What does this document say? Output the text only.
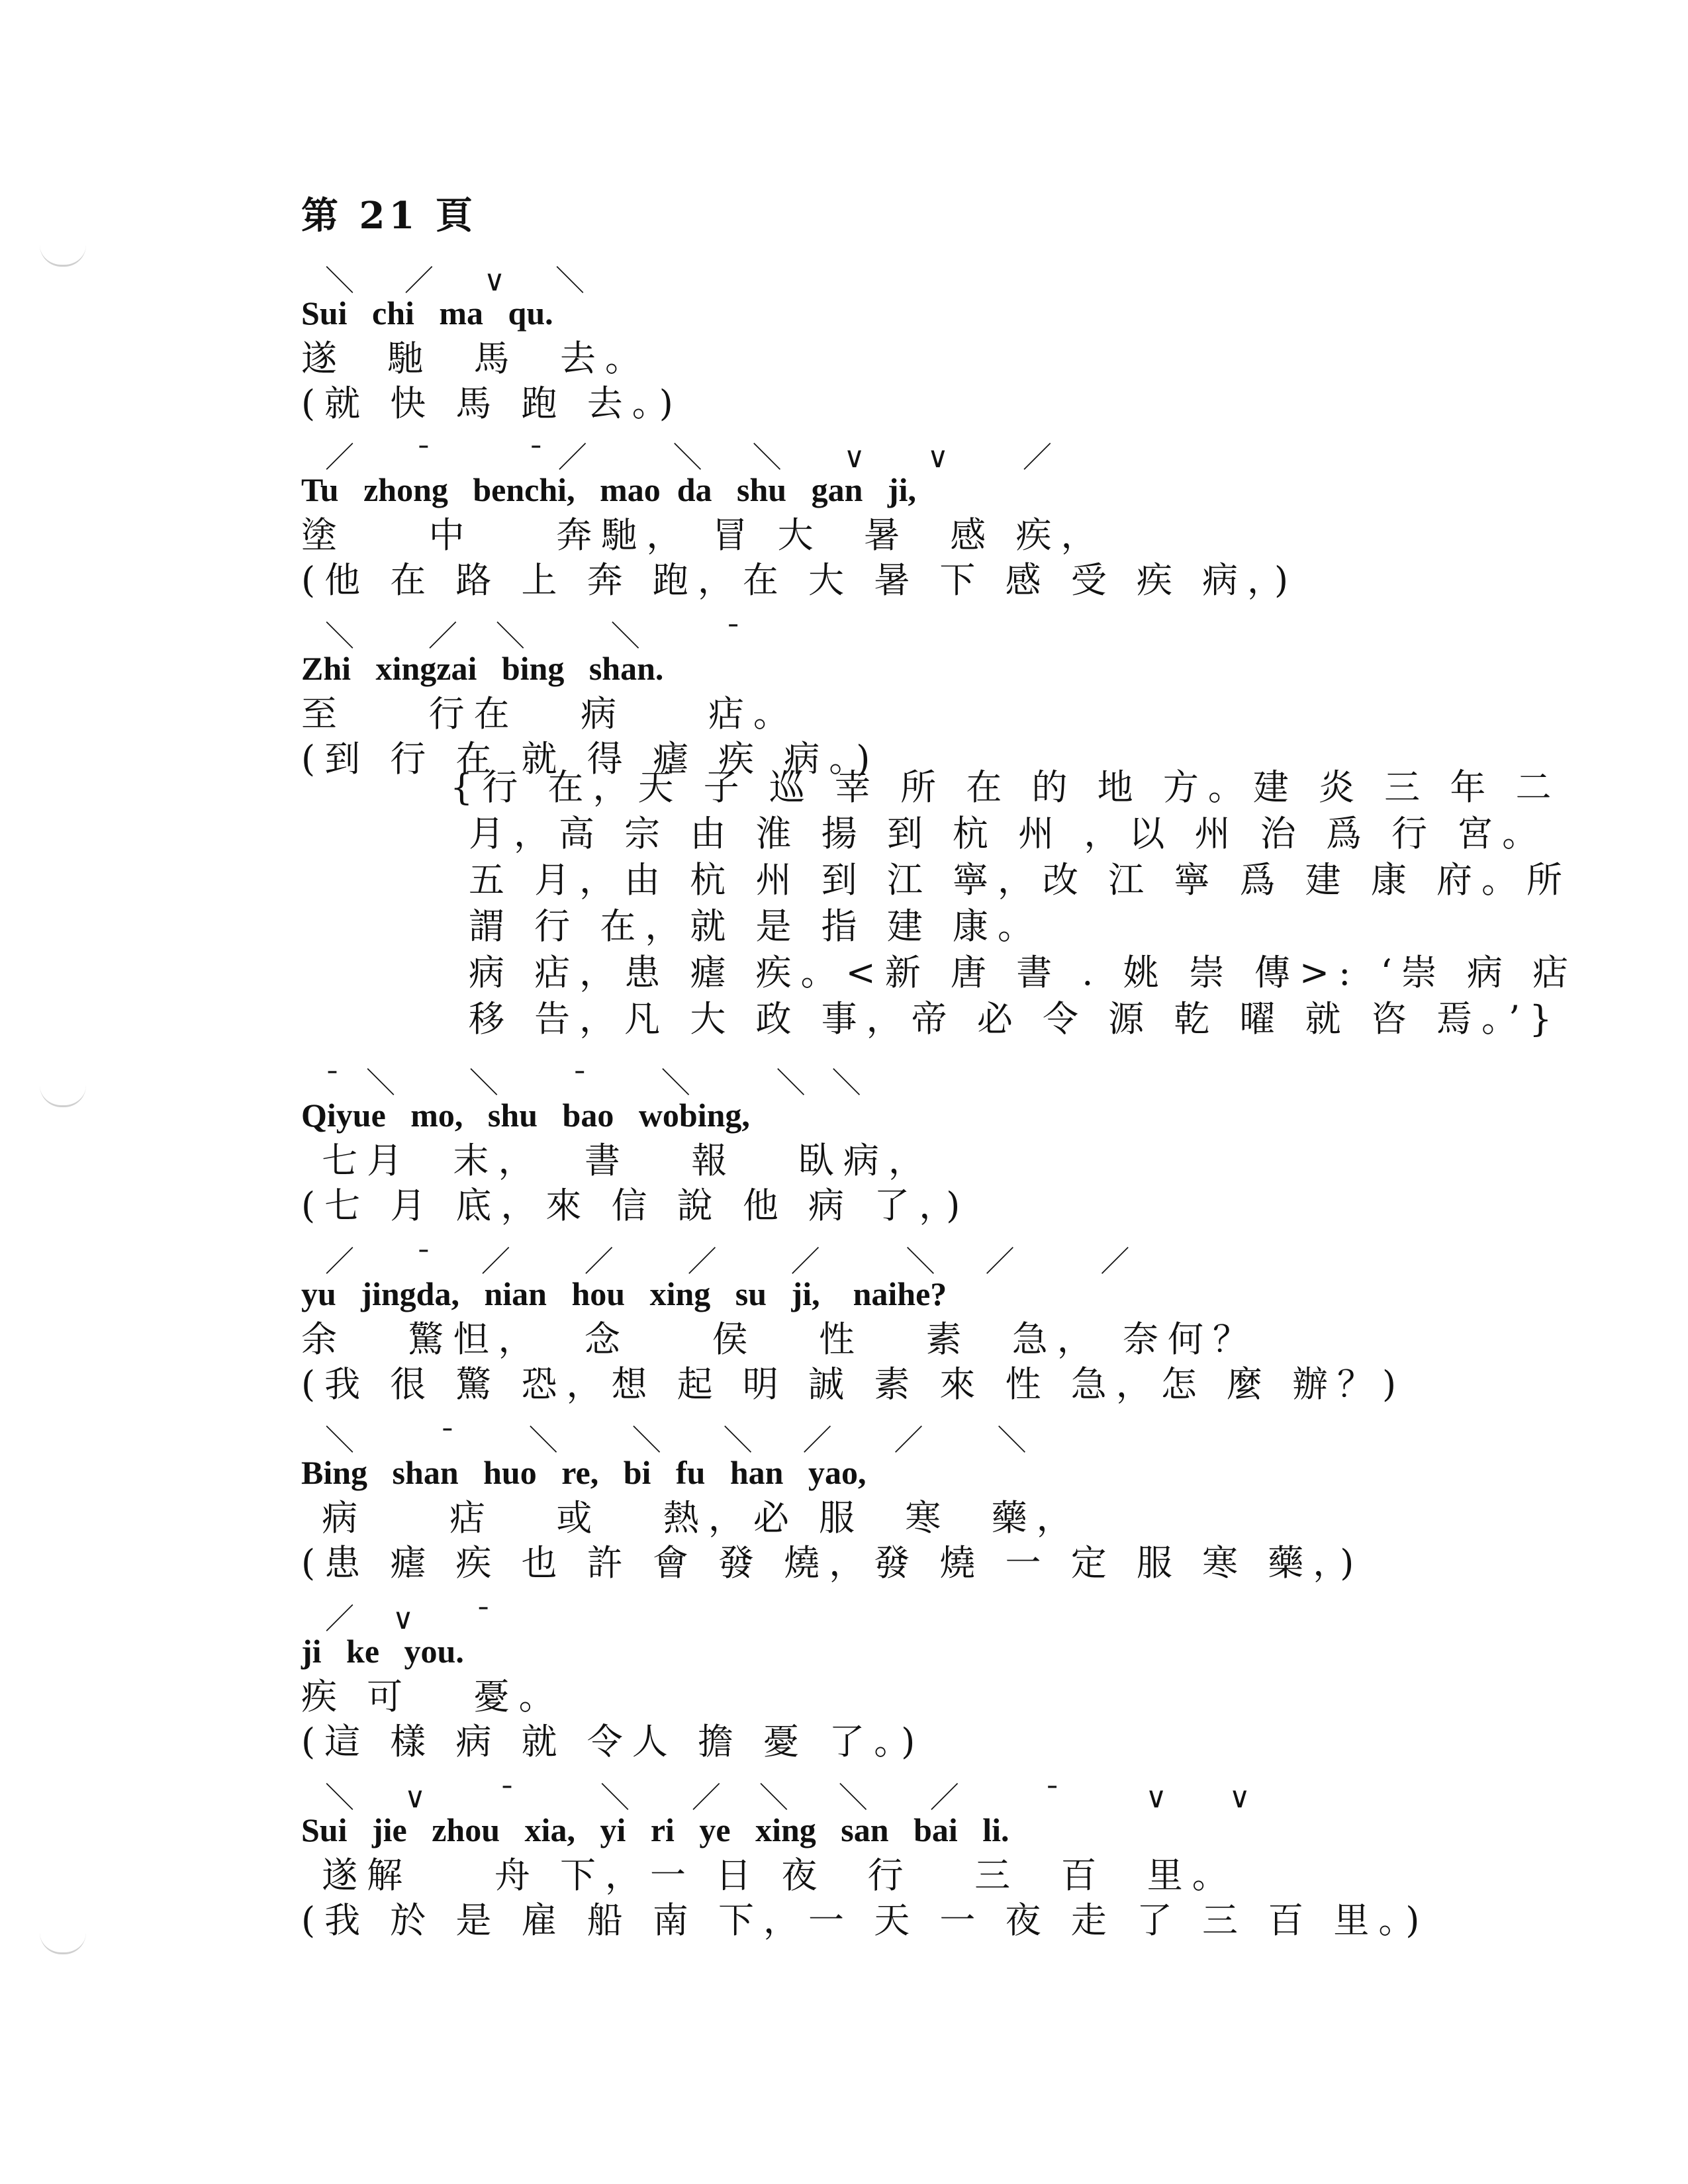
第 21 頁
＼    ／    ∨    ＼
Sui   chi   ma   qu.
遂  馳  馬  去。
(就 快 馬 跑 去。)
／     ¯        ¯ ／       ＼    ＼     ∨     ∨      ／
Tu   zhong   benchi,   mao  da   shu   gan   ji,
塗    中    奔馳， 冒 大  暑  感 疾，
(他 在 路 上 奔 跑，在 大 暑 下 感 受 疾 病，)
＼      ／   ＼       ＼       ¯
Zhi   xingzai   bing   shan.
至    行在   病    痁。
(到 行 在 就 得 瘧 疾 病。)
{行 在，天 子 巡 幸 所 在 的 地 方。建 炎 三 年 二
月，高 宗 由 淮 揚 到 杭 州 ，以 州 治 爲 行 宮。
五 月，由 杭 州 到 江 寧，改 江 寧 爲 建 康 府。所
謂 行 在，就 是 指 建 康。
病 痁，患 瘧 疾。<新 唐 書 . 姚 崇 傳>: ‘崇 病 痁
移 告，凡 大 政 事，帝 必 令 源 乾 曜 就 咨 焉。’}
¯  ＼      ＼      ¯      ＼       ＼  ＼
Qiyue   mo,   shu   bao   wobing,
七月  末，  書   報   臥病，
(七 月 底，來 信 說 他 病 了，)
／     ¯    ／      ／      ／      ／       ＼    ／       ／
yu   jingda,   nian   hou   xing   su   ji,    naihe?
余   驚怛，  念    侯   性   素  急， 奈何？
(我 很 驚 恐，想 起 明 誠 素 來 性 急，怎 麼 辦？)
＼       ¯      ＼      ＼     ＼    ／     ／      ＼
Bing   shan   huo   re,   bi   fu   han   yao,
病    痁   或   熱，必 服  寒  藥，
(患 瘧 疾 也 許 會 發 燒，發 燒 一 定 服 寒 藥，)
／   ∨     ¯
ji   ke   you.
疾 可   憂。
(這 樣 病 就 令人 擔 憂 了。)
＼    ∨      ¯       ＼     ／   ＼    ＼     ／       ¯       ∨     ∨
Sui   jie   zhou   xia,   yi   ri   ye   xing   san   bai   li.
遂解    舟 下，一 日 夜  行   三  百  里。
(我 於 是 雇 船 南 下，一 天 一 夜 走 了 三 百 里。)
